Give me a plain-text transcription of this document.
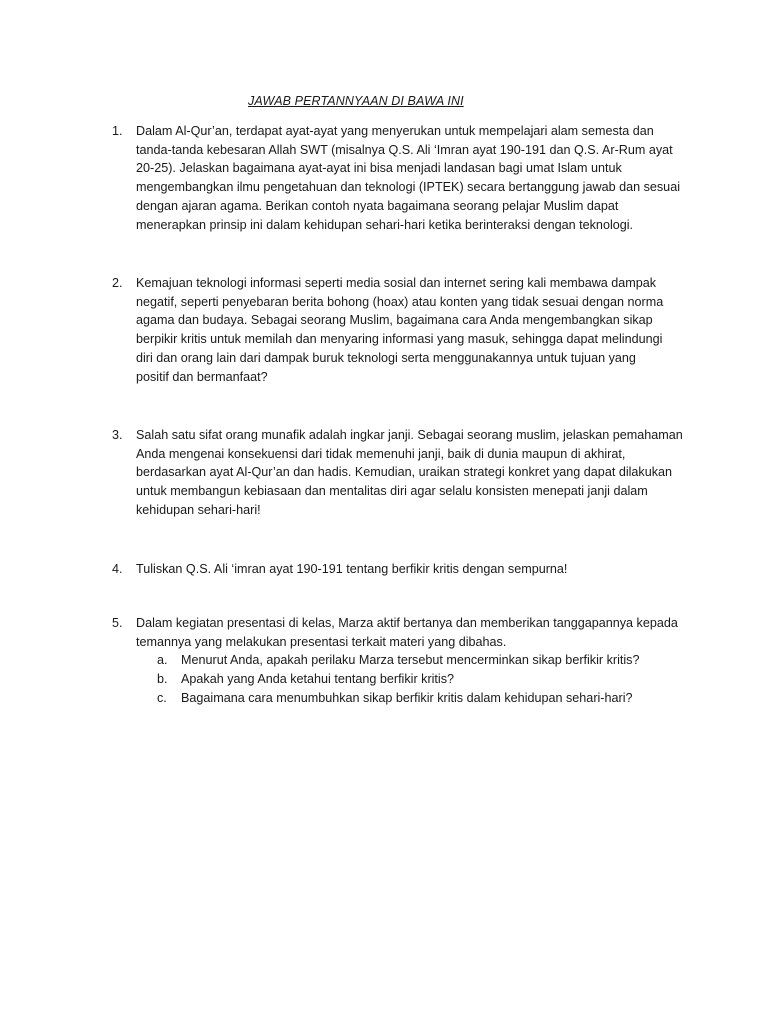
JAWAB PERTANNYAAN DI BAWA INI
1.	Dalam Al-Qur’an, terdapat ayat-ayat yang menyerukan untuk mempelajari alam semesta dan
tanda-tanda kebesaran Allah SWT (misalnya Q.S. Ali ‘Imran ayat 190-191 dan Q.S. Ar-Rum ayat
20-25). Jelaskan bagaimana ayat-ayat ini bisa menjadi landasan bagi umat Islam untuk
mengembangkan ilmu pengetahuan dan teknologi (IPTEK) secara bertanggung jawab dan sesuai
dengan ajaran agama. Berikan contoh nyata bagaimana seorang pelajar Muslim dapat
menerapkan prinsip ini dalam kehidupan sehari-hari ketika berinteraksi dengan teknologi.
2.	Kemajuan teknologi informasi seperti media sosial dan internet sering kali membawa dampak
negatif, seperti penyebaran berita bohong (hoax) atau konten yang tidak sesuai dengan norma
agama dan budaya. Sebagai seorang Muslim, bagaimana cara Anda mengembangkan sikap
berpikir kritis untuk memilah dan menyaring informasi yang masuk, sehingga dapat melindungi
diri dan orang lain dari dampak buruk teknologi serta menggunakannya untuk tujuan yang
positif dan bermanfaat?
3.	Salah satu sifat orang munafik adalah ingkar janji. Sebagai seorang muslim, jelaskan pemahaman
Anda mengenai konsekuensi dari tidak memenuhi janji, baik di dunia maupun di akhirat,
berdasarkan ayat Al-Qur’an dan hadis. Kemudian, uraikan strategi konkret yang dapat dilakukan
untuk membangun kebiasaan dan mentalitas diri agar selalu konsisten menepati janji dalam
kehidupan sehari-hari!
4.	Tuliskan Q.S. Ali ‘imran ayat 190-191 tentang berfikir kritis dengan sempurna!
5.	Dalam kegiatan presentasi di kelas, Marza aktif bertanya dan memberikan tanggapannya kepada
temannya yang melakukan presentasi terkait materi yang dibahas.
a. Menurut Anda, apakah perilaku Marza tersebut mencerminkan sikap berfikir kritis?
b. Apakah yang Anda ketahui tentang berfikir kritis?
c. Bagaimana cara menumbuhkan sikap berfikir kritis dalam kehidupan sehari-hari?
